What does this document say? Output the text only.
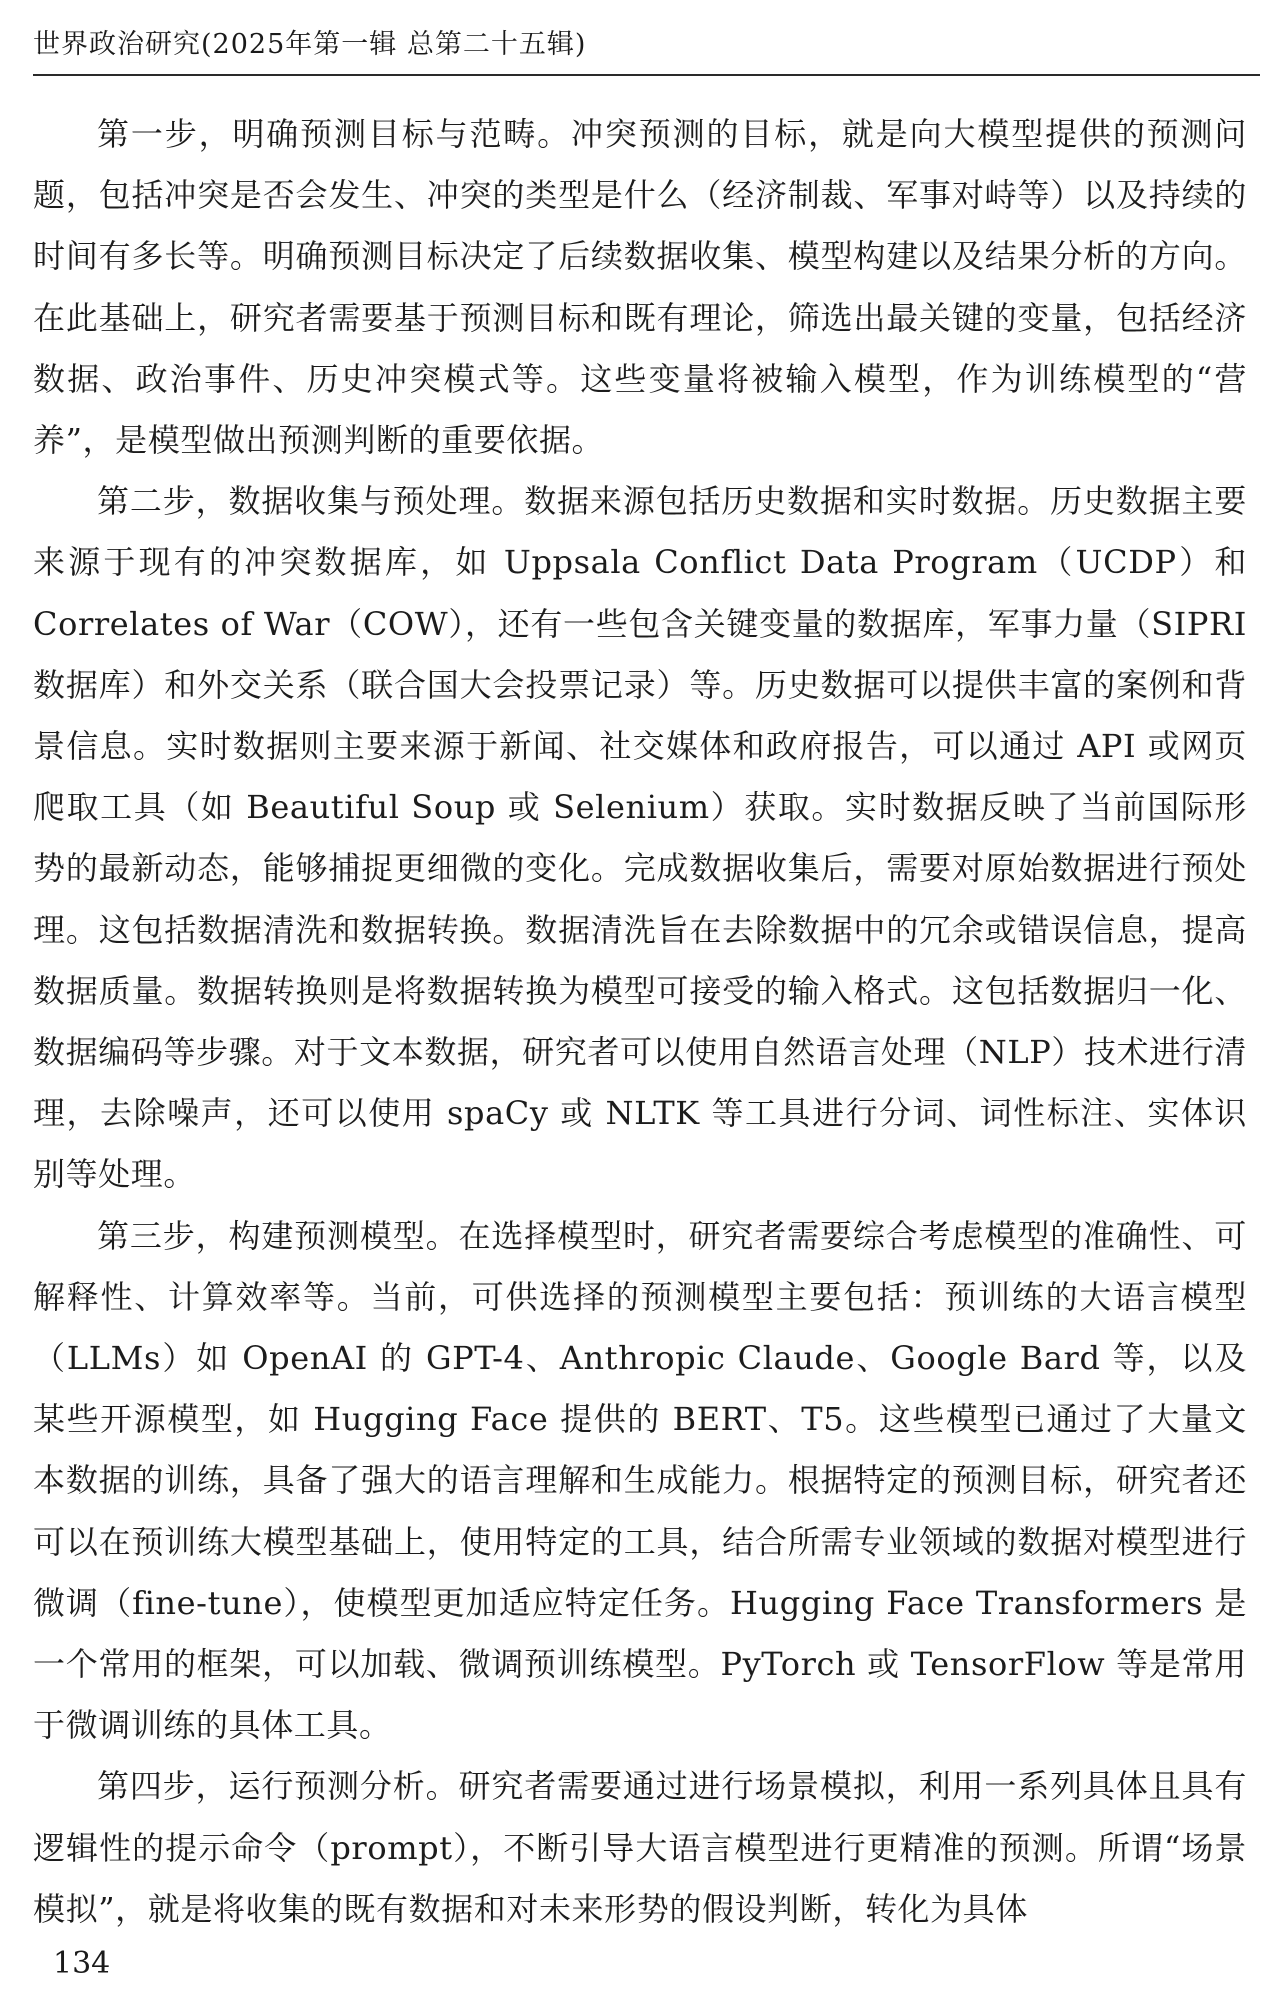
世界政治研究(2025年第一辑 总第二十五辑)

第一步，明确预测目标与范畴。冲突预测的目标，就是向大模型提供的预测问题，包括冲突是否会发生、冲突的类型是什么（经济制裁、军事对峙等）以及持续的时间有多长等。明确预测目标决定了后续数据收集、模型构建以及结果分析的方向。在此基础上，研究者需要基于预测目标和既有理论，筛选出最关键的变量，包括经济数据、政治事件、历史冲突模式等。这些变量将被输入模型，作为训练模型的“营养”，是模型做出预测判断的重要依据。

第二步，数据收集与预处理。数据来源包括历史数据和实时数据。历史数据主要来源于现有的冲突数据库，如 Uppsala Conflict Data Program（UCDP）和 Correlates of War（COW），还有一些包含关键变量的数据库，军事力量（SIPRI 数据库）和外交关系（联合国大会投票记录）等。历史数据可以提供丰富的案例和背景信息。实时数据则主要来源于新闻、社交媒体和政府报告，可以通过 API 或网页爬取工具（如 Beautiful Soup 或 Selenium）获取。实时数据反映了当前国际形势的最新动态，能够捕捉更细微的变化。完成数据收集后，需要对原始数据进行预处理。这包括数据清洗和数据转换。数据清洗旨在去除数据中的冗余或错误信息，提高数据质量。数据转换则是将数据转换为模型可接受的输入格式。这包括数据归一化、数据编码等步骤。对于文本数据，研究者可以使用自然语言处理（NLP）技术进行清理，去除噪声，还可以使用 spaCy 或 NLTK 等工具进行分词、词性标注、实体识别等处理。

第三步，构建预测模型。在选择模型时，研究者需要综合考虑模型的准确性、可解释性、计算效率等。当前，可供选择的预测模型主要包括：预训练的大语言模型（LLMs）如 OpenAI 的 GPT-4、Anthropic Claude、Google Bard 等，以及某些开源模型，如 Hugging Face 提供的 BERT、T5。这些模型已通过了大量文本数据的训练，具备了强大的语言理解和生成能力。根据特定的预测目标，研究者还可以在预训练大模型基础上，使用特定的工具，结合所需专业领域的数据对模型进行微调（fine-tune），使模型更加适应特定任务。Hugging Face Transformers 是一个常用的框架，可以加载、微调预训练模型。PyTorch 或 TensorFlow 等是常用于微调训练的具体工具。

第四步，运行预测分析。研究者需要通过进行场景模拟，利用一系列具体且具有逻辑性的提示命令（prompt），不断引导大语言模型进行更精准的预测。所谓“场景模拟”，就是将收集的既有数据和对未来形势的假设判断，转化为具体

134
